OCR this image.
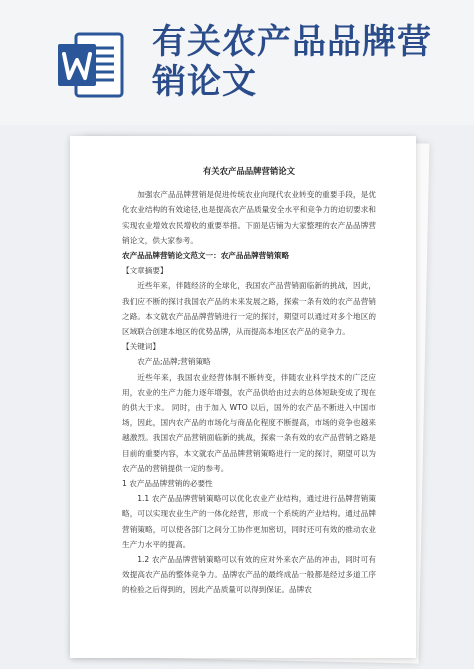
有关农产品品牌营销论文
有关农产品品牌营销论文

加强农产品品牌营销是促进传统农业向现代农业转变的重要手段，是优化农业结构的有效途径,也是提高农产品质量安全水平和竞争力的迫切要求和实现农业增效农民增收的重要举措。下面是店铺为大家整理的农产品品牌营销论文，供大家参考。

农产品品牌营销论文范文一：农产品品牌营销策略

【文章摘要】

近些年来，伴随经济的全球化，我国农产品营销面临新的挑战，因此，我们应不断的探讨我国农产品的未来发展之路，探索一条有效的农产品营销之路。本文就农产品品牌营销进行一定的探讨，期望可以通过对多个地区的区域联合创建本地区的优势品牌，从而提高本地区农产品的竞争力。

【关键词】

农产品;品牌;营销策略

近些年来，我国农业经营体制不断转变，伴随农业科学技术的广泛应用，农业的生产力能力逐年增强，农产品供给由过去的总体短缺变成了现在的供大于求。 同时，由于加入 WTO 以后，国外的农产品不断进入中国市场，因此，国内农产品的市场化与商品化程度不断提高，市场的竞争也越来越激烈。我国农产品营销面临新的挑战，探索一条有效的农产品营销之路是目前的重要内容，本文就农产品品牌营销策略进行一定的探讨，期望可以为农产品的营销提供一定的参考。

1 农产品品牌营销的必要性

1.1 农产品品牌营销策略可以优化农业产业结构，通过进行品牌营销策略，可以实现农业生产的一体化经营，形成一个系统的产业结构。通过品牌营销策略，可以使各部门之间分工协作更加密切，同时还可有效的推动农业生产力水平的提高。

1.2 农产品品牌营销策略可以有效的应对外来农产品的冲击，同时可有效提高农产品的整体竞争力。品牌农产品的最终成品一般都是经过多道工序的检验之后得到的，因此产品质量可以得到保证。品牌农
